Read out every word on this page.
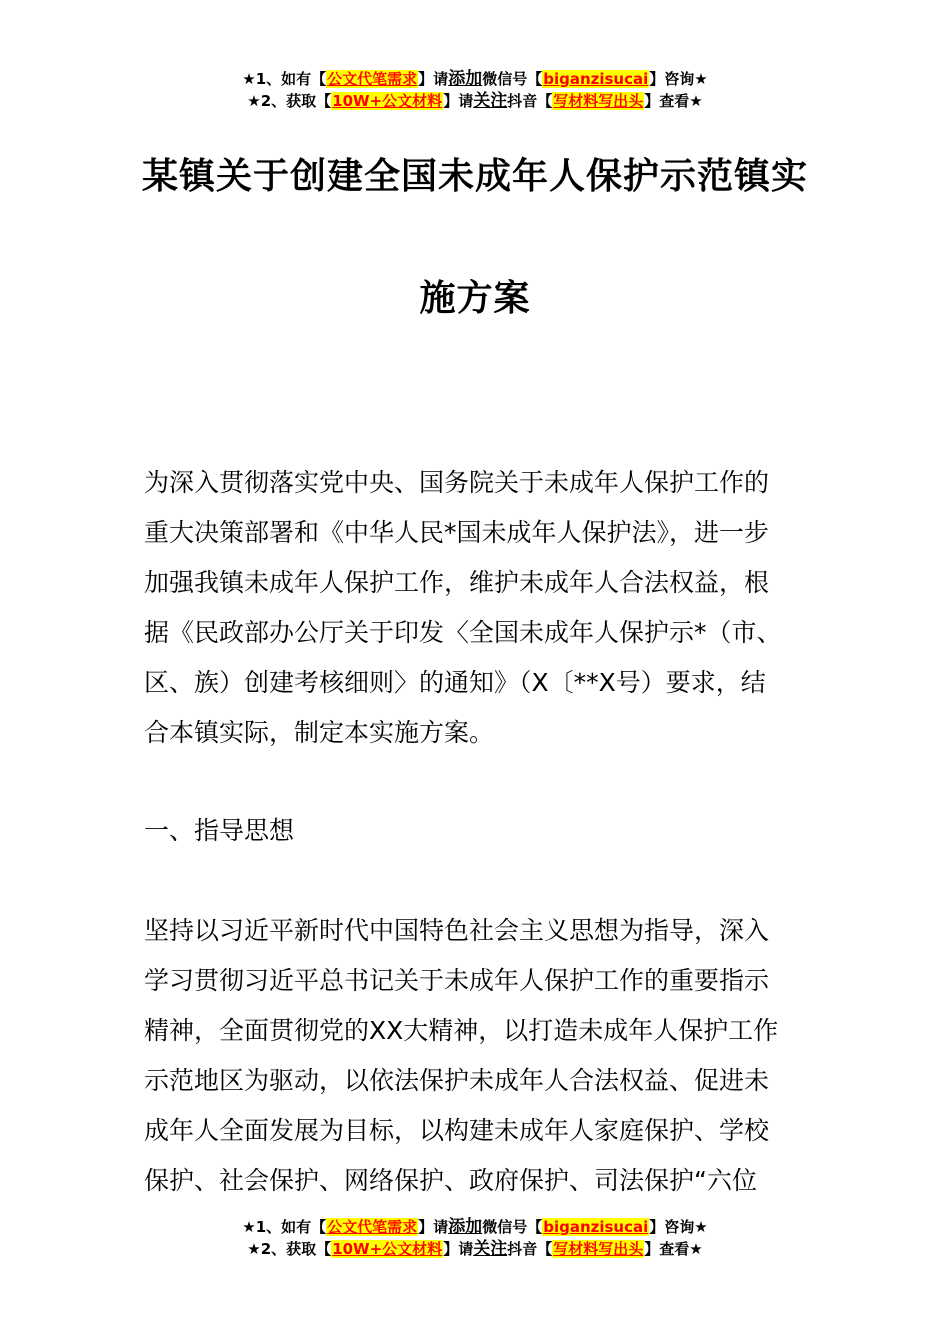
★1、如有【公文代笔需求】请添加微信号【biganzisucai】咨询★
★2、获取【10W+公文材料】请关注抖音【写材料写出头】查看★
某镇关于创建全国未成年人保护示范镇实
施方案
为深入贯彻落实党中央、国务院关于未成年人保护工作的
重大决策部署和《中华人民*国未成年人保护法》，进一步
加强我镇未成年人保护工作，维护未成年人合法权益，根
据《民政部办公厅关于印发〈全国未成年人保护示*（市、
区、族）创建考核细则〉的通知》（X〔**X号）要求，结
合本镇实际，制定本实施方案。
一、指导思想
坚持以习近平新时代中国特色社会主义思想为指导，深入
学习贯彻习近平总书记关于未成年人保护工作的重要指示
精神，全面贯彻党的XX大精神，以打造未成年人保护工作
示范地区为驱动，以依法保护未成年人合法权益、促进未
成年人全面发展为目标，以构建未成年人家庭保护、学校
保护、社会保护、网络保护、政府保护、司法保护“六位
★1、如有【公文代笔需求】请添加微信号【biganzisucai】咨询★
★2、获取【10W+公文材料】请关注抖音【写材料写出头】查看★
